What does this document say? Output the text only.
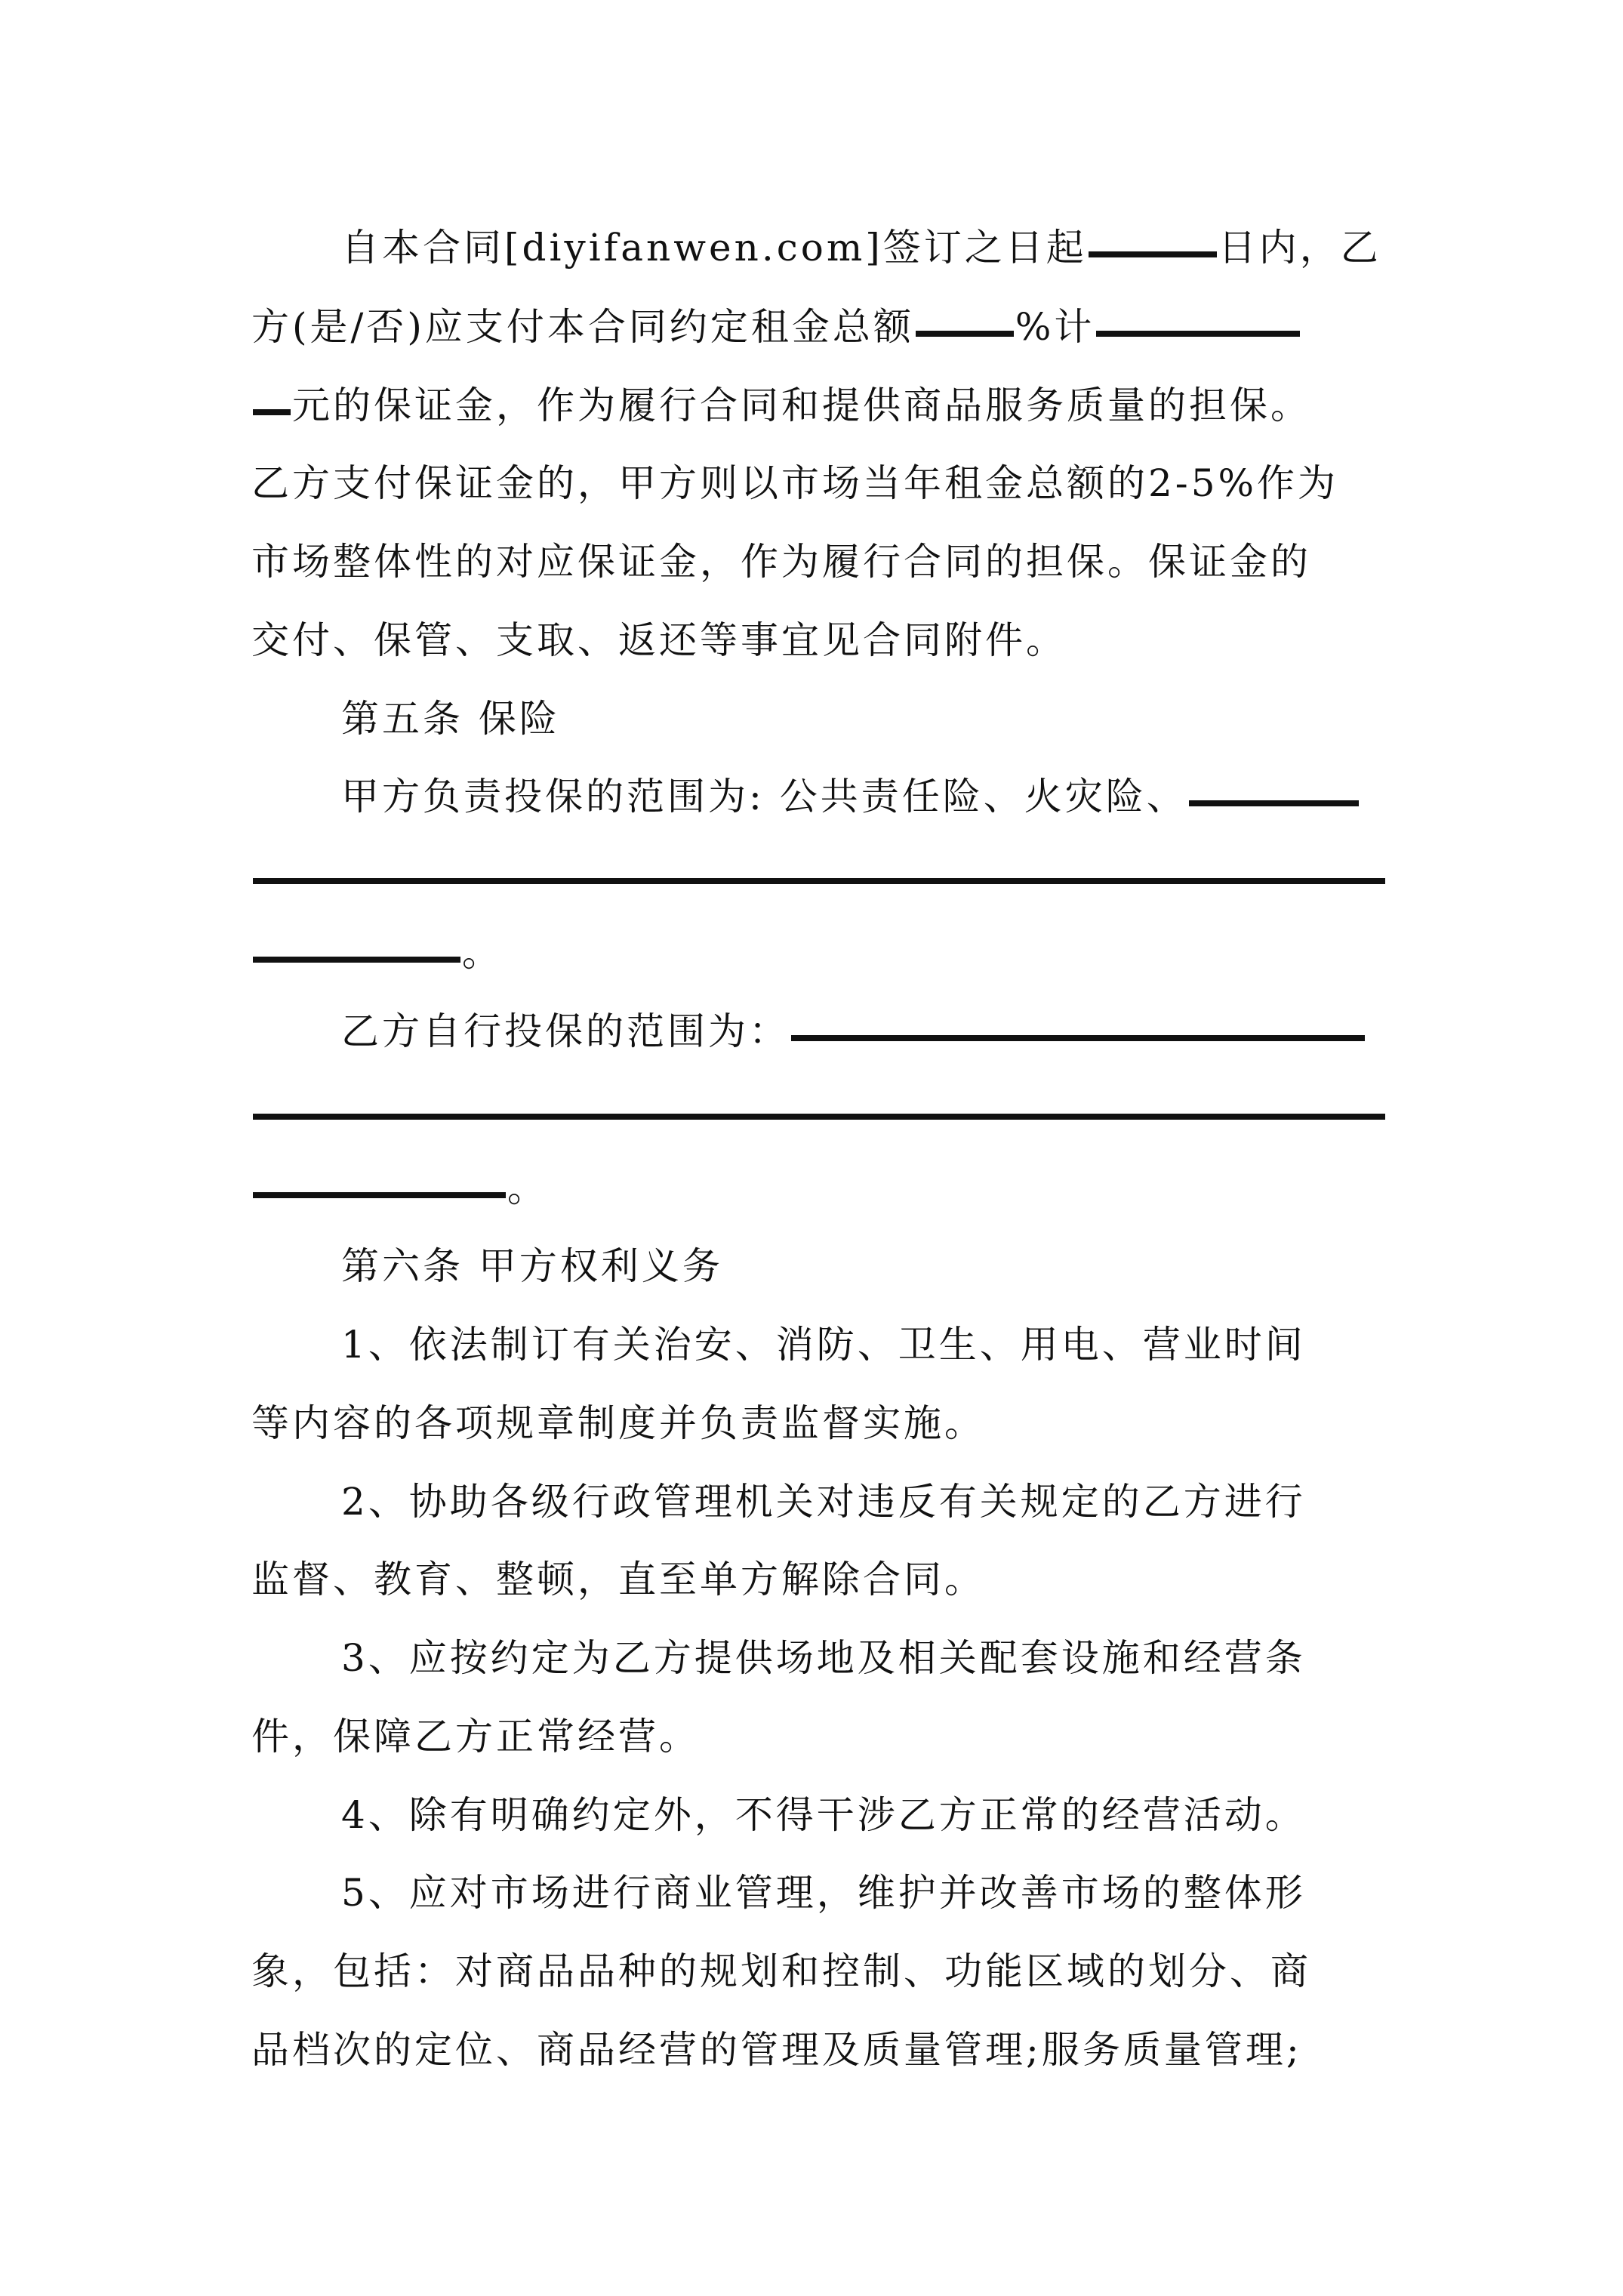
自本合同[diyifanwen.com]签订之日起	日内，乙
方(是/否)应支付本合同约定租金总额	%计
元的保证金，作为履行合同和提供商品服务质量的担保。
乙方支付保证金的，甲方则以市场当年租金总额的2-5%作为
市场整体性的对应保证金，作为履行合同的担保。保证金的
交付、保管、支取、返还等事宜见合同附件。
第五条 保险
甲方负责投保的范围为: 公共责任险、火灾险、
。
乙方自行投保的范围为：
。
第六条 甲方权利义务
1、依法制订有关治安、消防、卫生、用电、营业时间
等内容的各项规章制度并负责监督实施。
2、协助各级行政管理机关对违反有关规定的乙方进行
监督、教育、整顿，直至单方解除合同。
3、应按约定为乙方提供场地及相关配套设施和经营条
件，保障乙方正常经营。
4、除有明确约定外，不得干涉乙方正常的经营活动。
5、应对市场进行商业管理，维护并改善市场的整体形
象，包括：对商品品种的规划和控制、功能区域的划分、商
品档次的定位、商品经营的管理及质量管理;服务质量管理;
